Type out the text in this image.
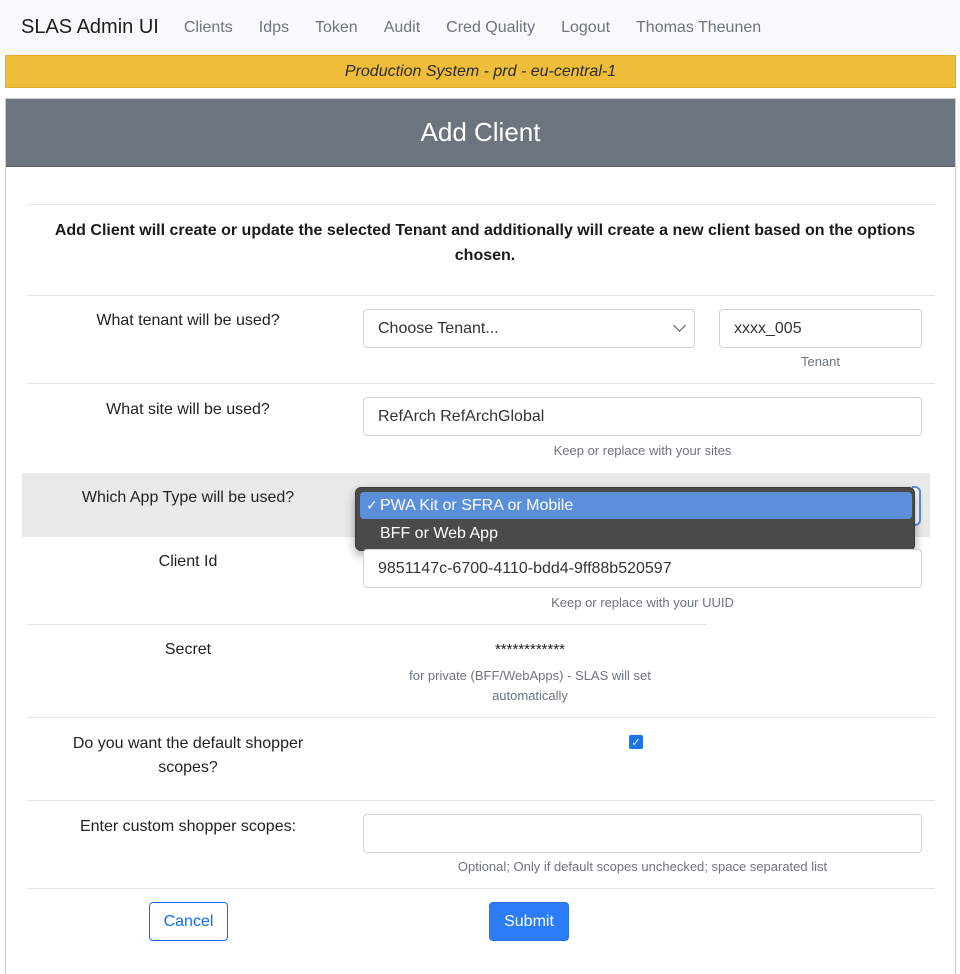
SLAS Admin UI	Clients	Idps	Token	Audit	Cred Quality	Logout	Thomas Theunen
Production System - prd - eu-central-1
Add Client
Add Client will create or update the selected Tenant and additionally will create a new client based on the options chosen.
What tenant will be used?	Choose Tenant...	xxxx_005
Tenant
What site will be used?	RefArch RefArchGlobal
Keep or replace with your sites
Which App Type will be used?	✓ PWA Kit or SFRA or Mobile
BFF or Web App
Client Id	9851147c-6700-4110-bdd4-9ff88b520597
Keep or replace with your UUID
Secret	************
for private (BFF/WebApps) - SLAS will set automatically
Do you want the default shopper scopes?
✓
Enter custom shopper scopes:
Optional; Only if default scopes unchecked; space separated list
Cancel	Submit
